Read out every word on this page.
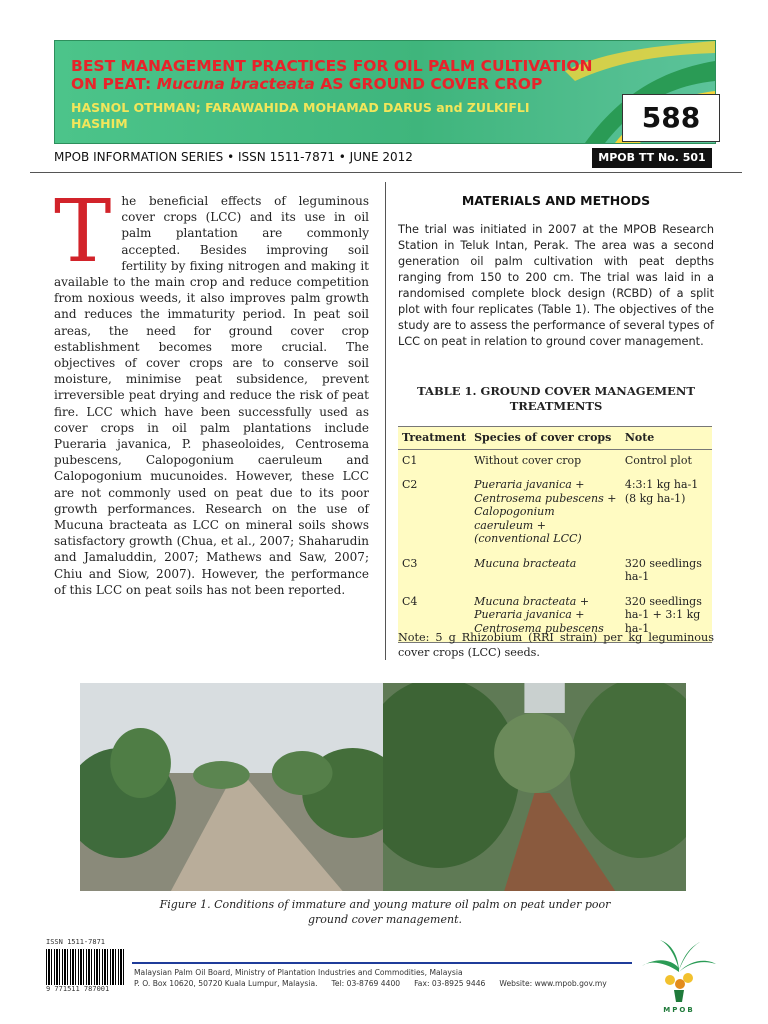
BEST MANAGEMENT PRACTICES FOR OIL PALM CULTIVATION ON PEAT: Mucuna bracteata AS GROUND COVER CROP
HASNOL OTHMAN; FARAWAHIDA MOHAMAD DARUS and ZULKIFLI HASHIM	588
MPOB INFORMATION SERIES • ISSN 1511-7871 • JUNE 2012	MPOB TT No. 501
T he beneficial effects of leguminous cover crops (LCC) and its use in oil palm plantation are commonly accepted. Besides improving soil fertility by fixing nitrogen and making it available to the main crop and reduce competition from noxious weeds, it also improves palm growth and reduces the immaturity period. In peat soil areas, the need for ground cover crop establishment becomes more crucial. The objectives of cover crops are to conserve soil moisture, minimise peat subsidence, prevent irreversible peat drying and reduce the risk of peat fire. LCC which have been successfully used as cover crops in oil palm plantations include Pueraria javanica, P. phaseoloides, Centrosema pubescens, Calopogonium caeruleum and Calopogonium mucunoides. However, these LCC are not commonly used on peat due to its poor growth performances. Research on the use of Mucuna bracteata as LCC on mineral soils shows satisfactory growth (Chua, et al., 2007; Shaharudin and Jamaluddin, 2007; Mathews and Saw, 2007; Chiu and Siow, 2007). However, the performance of this LCC on peat soils has not been reported.
MATERIALS AND METHODS
The trial was initiated in 2007 at the MPOB Research Station in Teluk Intan, Perak. The area was a second generation oil palm cultivation with peat depths ranging from 150 to 200 cm. The trial was laid in a randomised complete block design (RCBD) of a split plot with four replicates (Table 1). The objectives of the study are to assess the performance of several types of LCC on peat in relation to ground cover management.
TABLE 1. GROUND COVER MANAGEMENT TREATMENTS
Treatment	Species of cover crops	Note
C1	Without cover crop	Control plot
C2	Pueraria javanica + Centrosema pubescens + Calopogonium caeruleum + (conventional LCC)	4:3:1 kg ha-1 (8 kg ha-1)
C3	Mucuna bracteata	320 seedlings ha-1
C4	Mucuna bracteata + Pueraria javanica + Centrosema pubescens	320 seedlings ha-1 + 3:1 kg ha-1
Note: 5 g Rhizobium (RRI strain) per kg leguminous cover crops (LCC) seeds.
Figure 1. Conditions of immature and young mature oil palm on peat under poor ground cover management.
ISSN 1511-7871
9 771511 787001
Malaysian Palm Oil Board, Ministry of Plantation Industries and Commodities, Malaysia
P. O. Box 10620, 50720 Kuala Lumpur, Malaysia. Tel: 03-8769 4400 Fax: 03-8925 9446 Website: www.mpob.gov.my
MPOB
